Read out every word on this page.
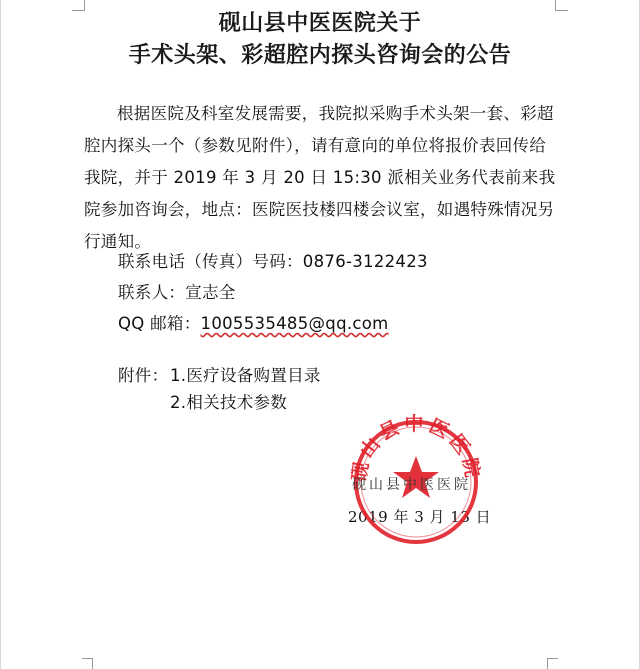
砚山县中医医院关于
手术头架、彩超腔内探头咨询会的公告
根据医院及科室发展需要，我院拟采购手术头架一套、彩超腔内探头一个（参数见附件），请有意向的单位将报价表回传给我院，并于 2019 年 3 月 20 日 15:30 派相关业务代表前来我院参加咨询会，地点：医院医技楼四楼会议室，如遇特殊情况另行通知。
联系电话（传真）号码：0876-3122423
联系人：宣志全
QQ 邮箱：1005535485@qq.com
附件： 1.医疗设备购置目录
2.相关技术参数
2019 年 3 月 13 日
砚山县中医医院
砚山县中医医院
